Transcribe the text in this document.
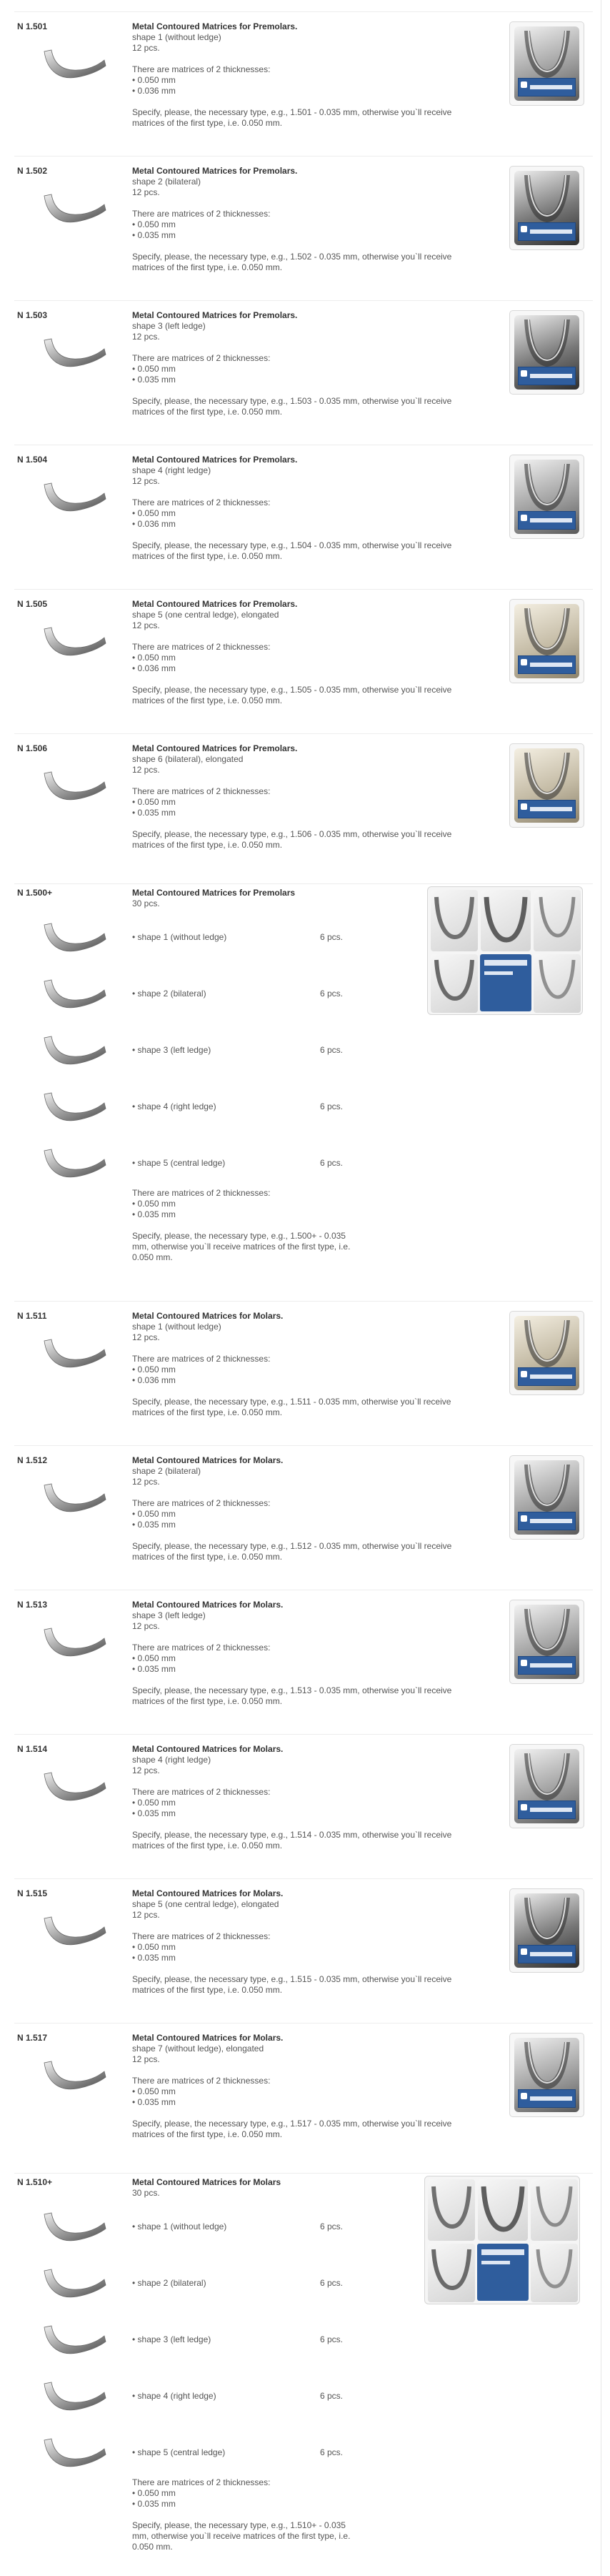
N 1.501	Metal Contoured Matrices for Premolars.

shape 1 (without ledge)

12 pcs.

There are matrices of 2 thicknesses:

• 0.050 mm

• 0.036 mm

Specify, please, the necessary type, e.g., 1.501 - 0.035 mm, otherwise you`ll receive

matrices of the first type, i.e. 0.050 mm.

N 1.502	Metal Contoured Matrices for Premolars.

shape 2 (bilateral)

12 pcs.

There are matrices of 2 thicknesses:

• 0.050 mm

• 0.035 mm

Specify, please, the necessary type, e.g., 1.502 - 0.035 mm, otherwise you`ll receive

matrices of the first type, i.e. 0.050 mm.

N 1.503	Metal Contoured Matrices for Premolars.

shape 3 (left ledge)

12 pcs.

There are matrices of 2 thicknesses:

• 0.050 mm

• 0.035 mm

Specify, please, the necessary type, e.g., 1.503 - 0.035 mm, otherwise you`ll receive

matrices of the first type, i.e. 0.050 mm.

N 1.504	Metal Contoured Matrices for Premolars.

shape 4 (right ledge)

12 pcs.

There are matrices of 2 thicknesses:

• 0.050 mm

• 0.036 mm

Specify, please, the necessary type, e.g., 1.504 - 0.035 mm, otherwise you`ll receive

matrices of the first type, i.e. 0.050 mm.

N 1.505	Metal Contoured Matrices for Premolars.

shape 5 (one central ledge), elongated

12 pcs.

There are matrices of 2 thicknesses:

• 0.050 mm

• 0.036 mm

Specify, please, the necessary type, e.g., 1.505 - 0.035 mm, otherwise you`ll receive

matrices of the first type, i.e. 0.050 mm.

N 1.506	Metal Contoured Matrices for Premolars.

shape 6 (bilateral), elongated

12 pcs.

There are matrices of 2 thicknesses:

• 0.050 mm

• 0.035 mm

Specify, please, the necessary type, e.g., 1.506 - 0.035 mm, otherwise you`ll receive

matrices of the first type, i.e. 0.050 mm.

N 1.500+	Metal Contoured Matrices for Premolars

30 pcs.

• shape 1 (without ledge)	6 pcs.
• shape 2 (bilateral)	6 pcs.
• shape 3 (left ledge)	6 pcs.
• shape 4 (right ledge)	6 pcs.
• shape 5 (central ledge)	6 pcs.

There are matrices of 2 thicknesses:

• 0.050 mm

• 0.035 mm

Specify, please, the necessary type, e.g., 1.500+ - 0.035

mm, otherwise you`ll receive matrices of the first type, i.e.

0.050 mm.

N 1.511	Metal Contoured Matrices for Molars.

shape 1 (without ledge)

12 pcs.

There are matrices of 2 thicknesses:

• 0.050 mm

• 0.036 mm

Specify, please, the necessary type, e.g., 1.511 - 0.035 mm, otherwise you`ll receive

matrices of the first type, i.e. 0.050 mm.

N 1.512	Metal Contoured Matrices for Molars.

shape 2 (bilateral)

12 pcs.

There are matrices of 2 thicknesses:

• 0.050 mm

• 0.035 mm

Specify, please, the necessary type, e.g., 1.512 - 0.035 mm, otherwise you`ll receive

matrices of the first type, i.e. 0.050 mm.

N 1.513	Metal Contoured Matrices for Molars.

shape 3 (left ledge)

12 pcs.

There are matrices of 2 thicknesses:

• 0.050 mm

• 0.035 mm

Specify, please, the necessary type, e.g., 1.513 - 0.035 mm, otherwise you`ll receive

matrices of the first type, i.e. 0.050 mm.

N 1.514	Metal Contoured Matrices for Molars.

shape 4 (right ledge)

12 pcs.

There are matrices of 2 thicknesses:

• 0.050 mm

• 0.035 mm

Specify, please, the necessary type, e.g., 1.514 - 0.035 mm, otherwise you`ll receive

matrices of the first type, i.e. 0.050 mm.

N 1.515	Metal Contoured Matrices for Molars.

shape 5 (one central ledge), elongated

12 pcs.

There are matrices of 2 thicknesses:

• 0.050 mm

• 0.035 mm

Specify, please, the necessary type, e.g., 1.515 - 0.035 mm, otherwise you`ll receive

matrices of the first type, i.e. 0.050 mm.

N 1.517	Metal Contoured Matrices for Molars.

shape 7 (without ledge), elongated

12 pcs.

There are matrices of 2 thicknesses:

• 0.050 mm

• 0.035 mm

Specify, please, the necessary type, e.g., 1.517 - 0.035 mm, otherwise you`ll receive

matrices of the first type, i.e. 0.050 mm.

N 1.510+	Metal Contoured Matrices for Molars

30 pcs.

• shape 1 (without ledge)	6 pcs.
• shape 2 (bilateral)	6 pcs.
• shape 3 (left ledge)	6 pcs.
• shape 4 (right ledge)	6 pcs.
• shape 5 (central ledge)	6 pcs.

There are matrices of 2 thicknesses:

• 0.050 mm

• 0.035 mm

Specify, please, the necessary type, e.g., 1.510+ - 0.035

mm, otherwise you`ll receive matrices of the first type, i.e.

0.050 mm.
